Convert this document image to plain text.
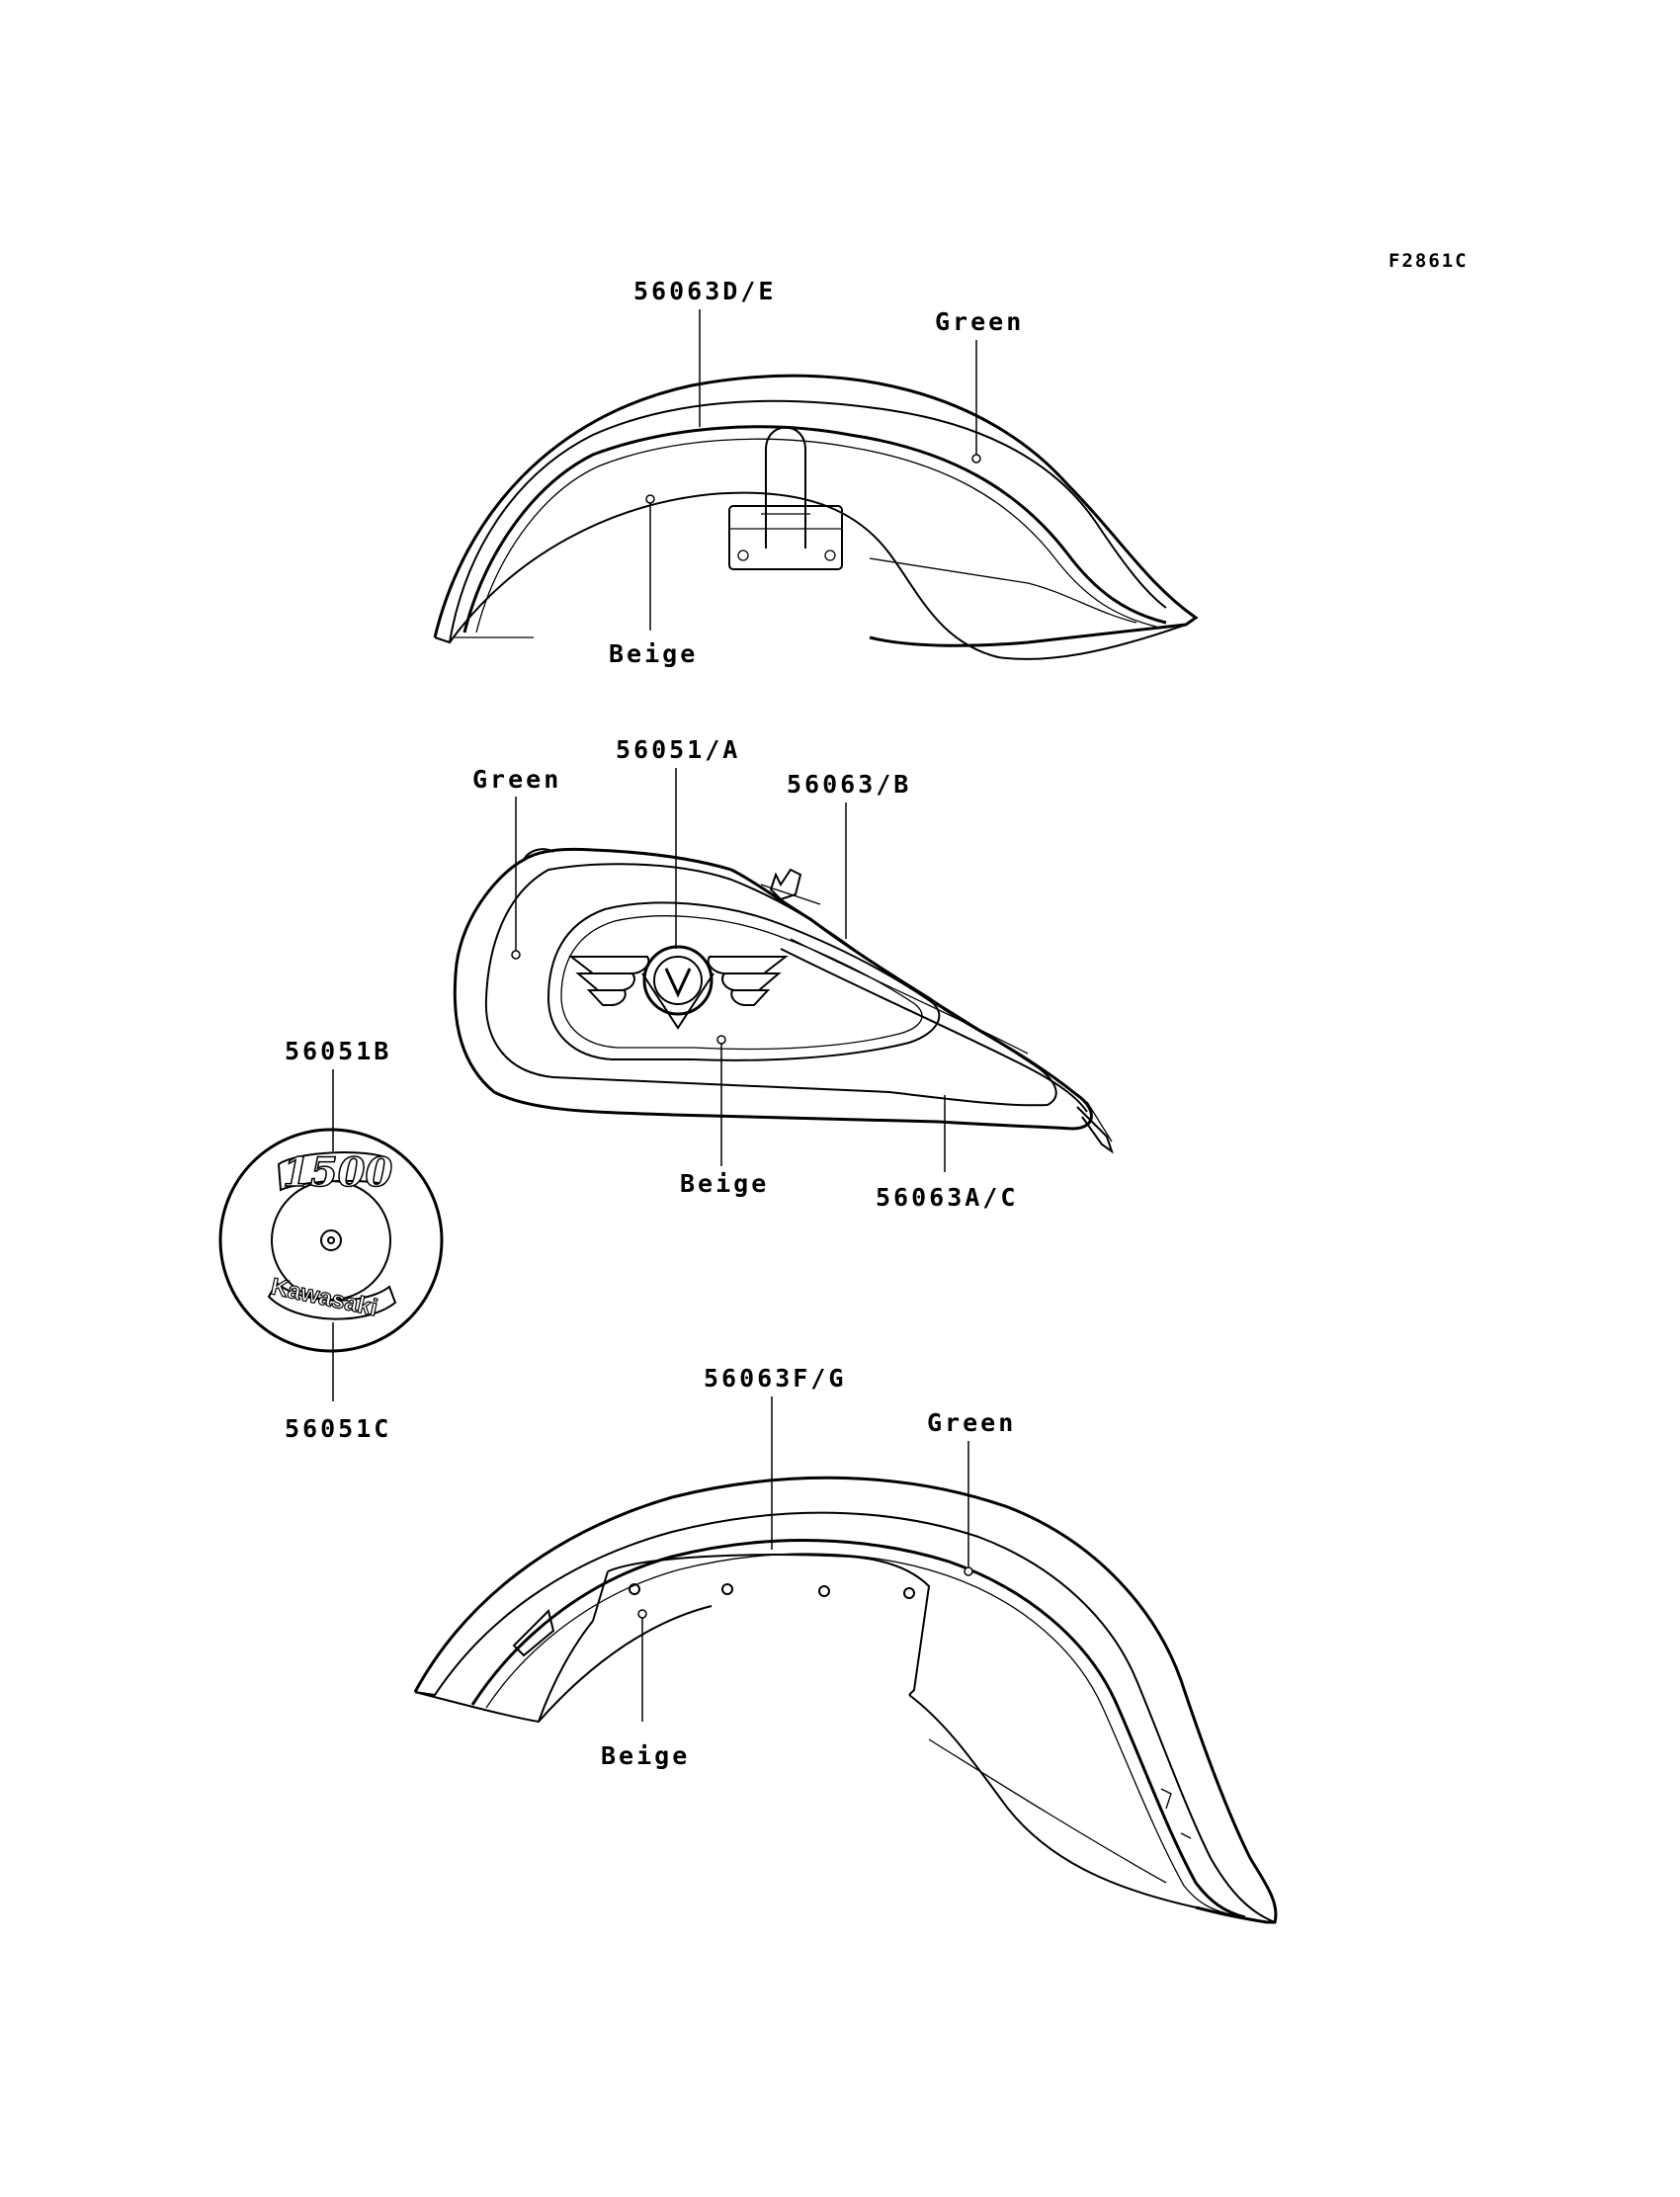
F2861C
56063D/E
Green
Beige
Green
56051/A
56063/B
Beige	56063A/C
1500
Kawasaki
56051B
56051C
56063F/G
Green
Beige
